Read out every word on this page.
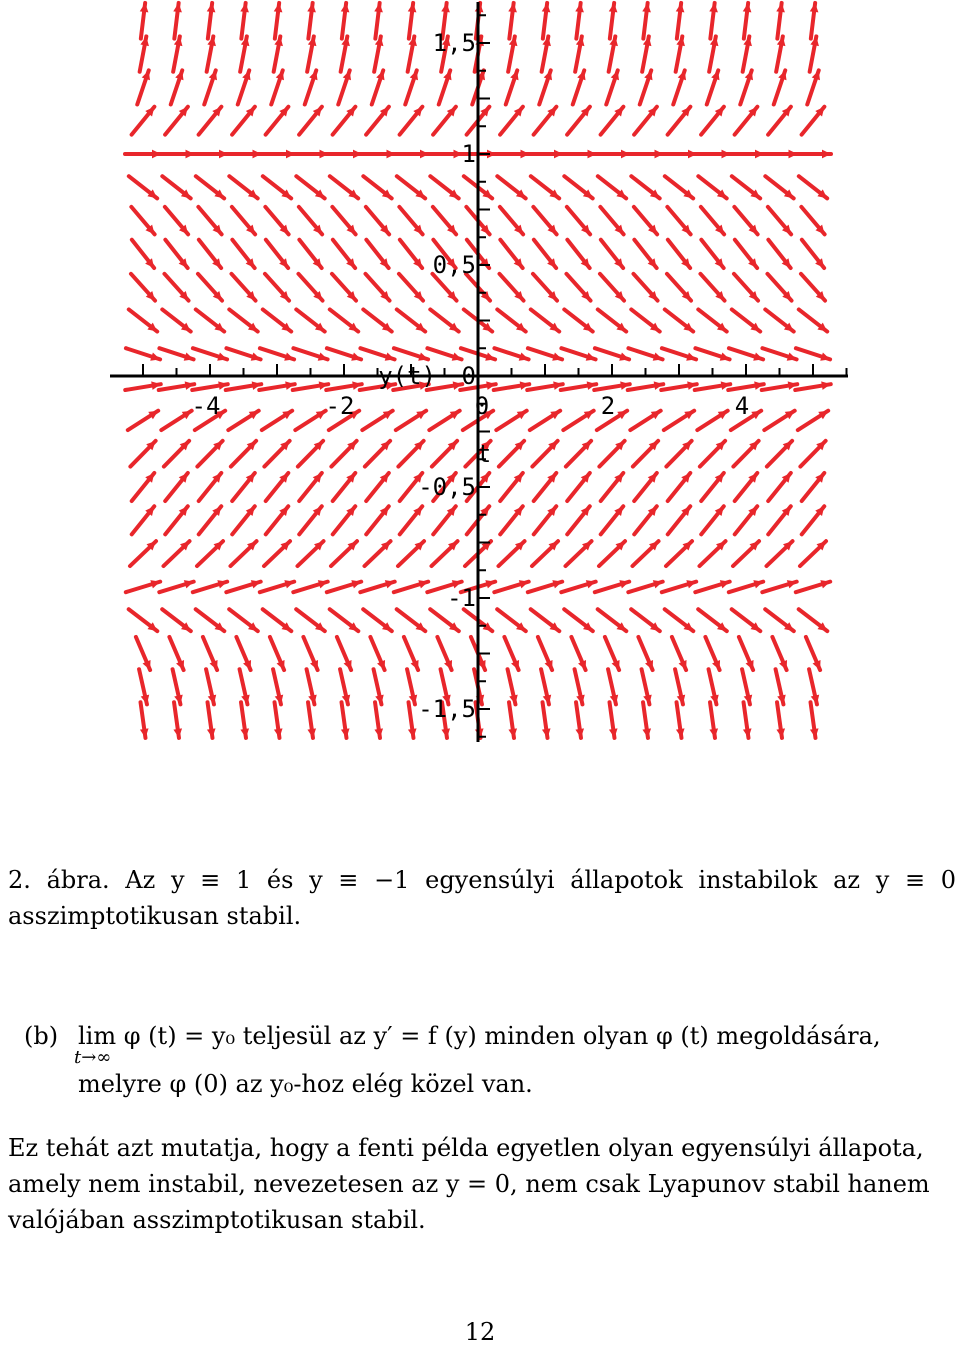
-4	-2	0	2	4
1,5
1
0,5
0
-0,5
-1
-1,5
t
y(t)
2. ábra. Az y ≡ 1 és y ≡ −1 egyensúlyi állapotok instabilok az y ≡ 0 asszimptotikusan stabil.
(b) lim
t→∞
φ (t) = y₀ teljesül az y′ = f (y) minden olyan φ (t) megoldására,
melyre φ (0) az y₀-hoz elég közel van.
Ez tehát azt mutatja, hogy a fenti példa egyetlen olyan egyensúlyi állapota, amely nem instabil, nevezetesen az y = 0, nem csak Lyapunov stabil hanem valójában asszimptotikusan stabil.
12
